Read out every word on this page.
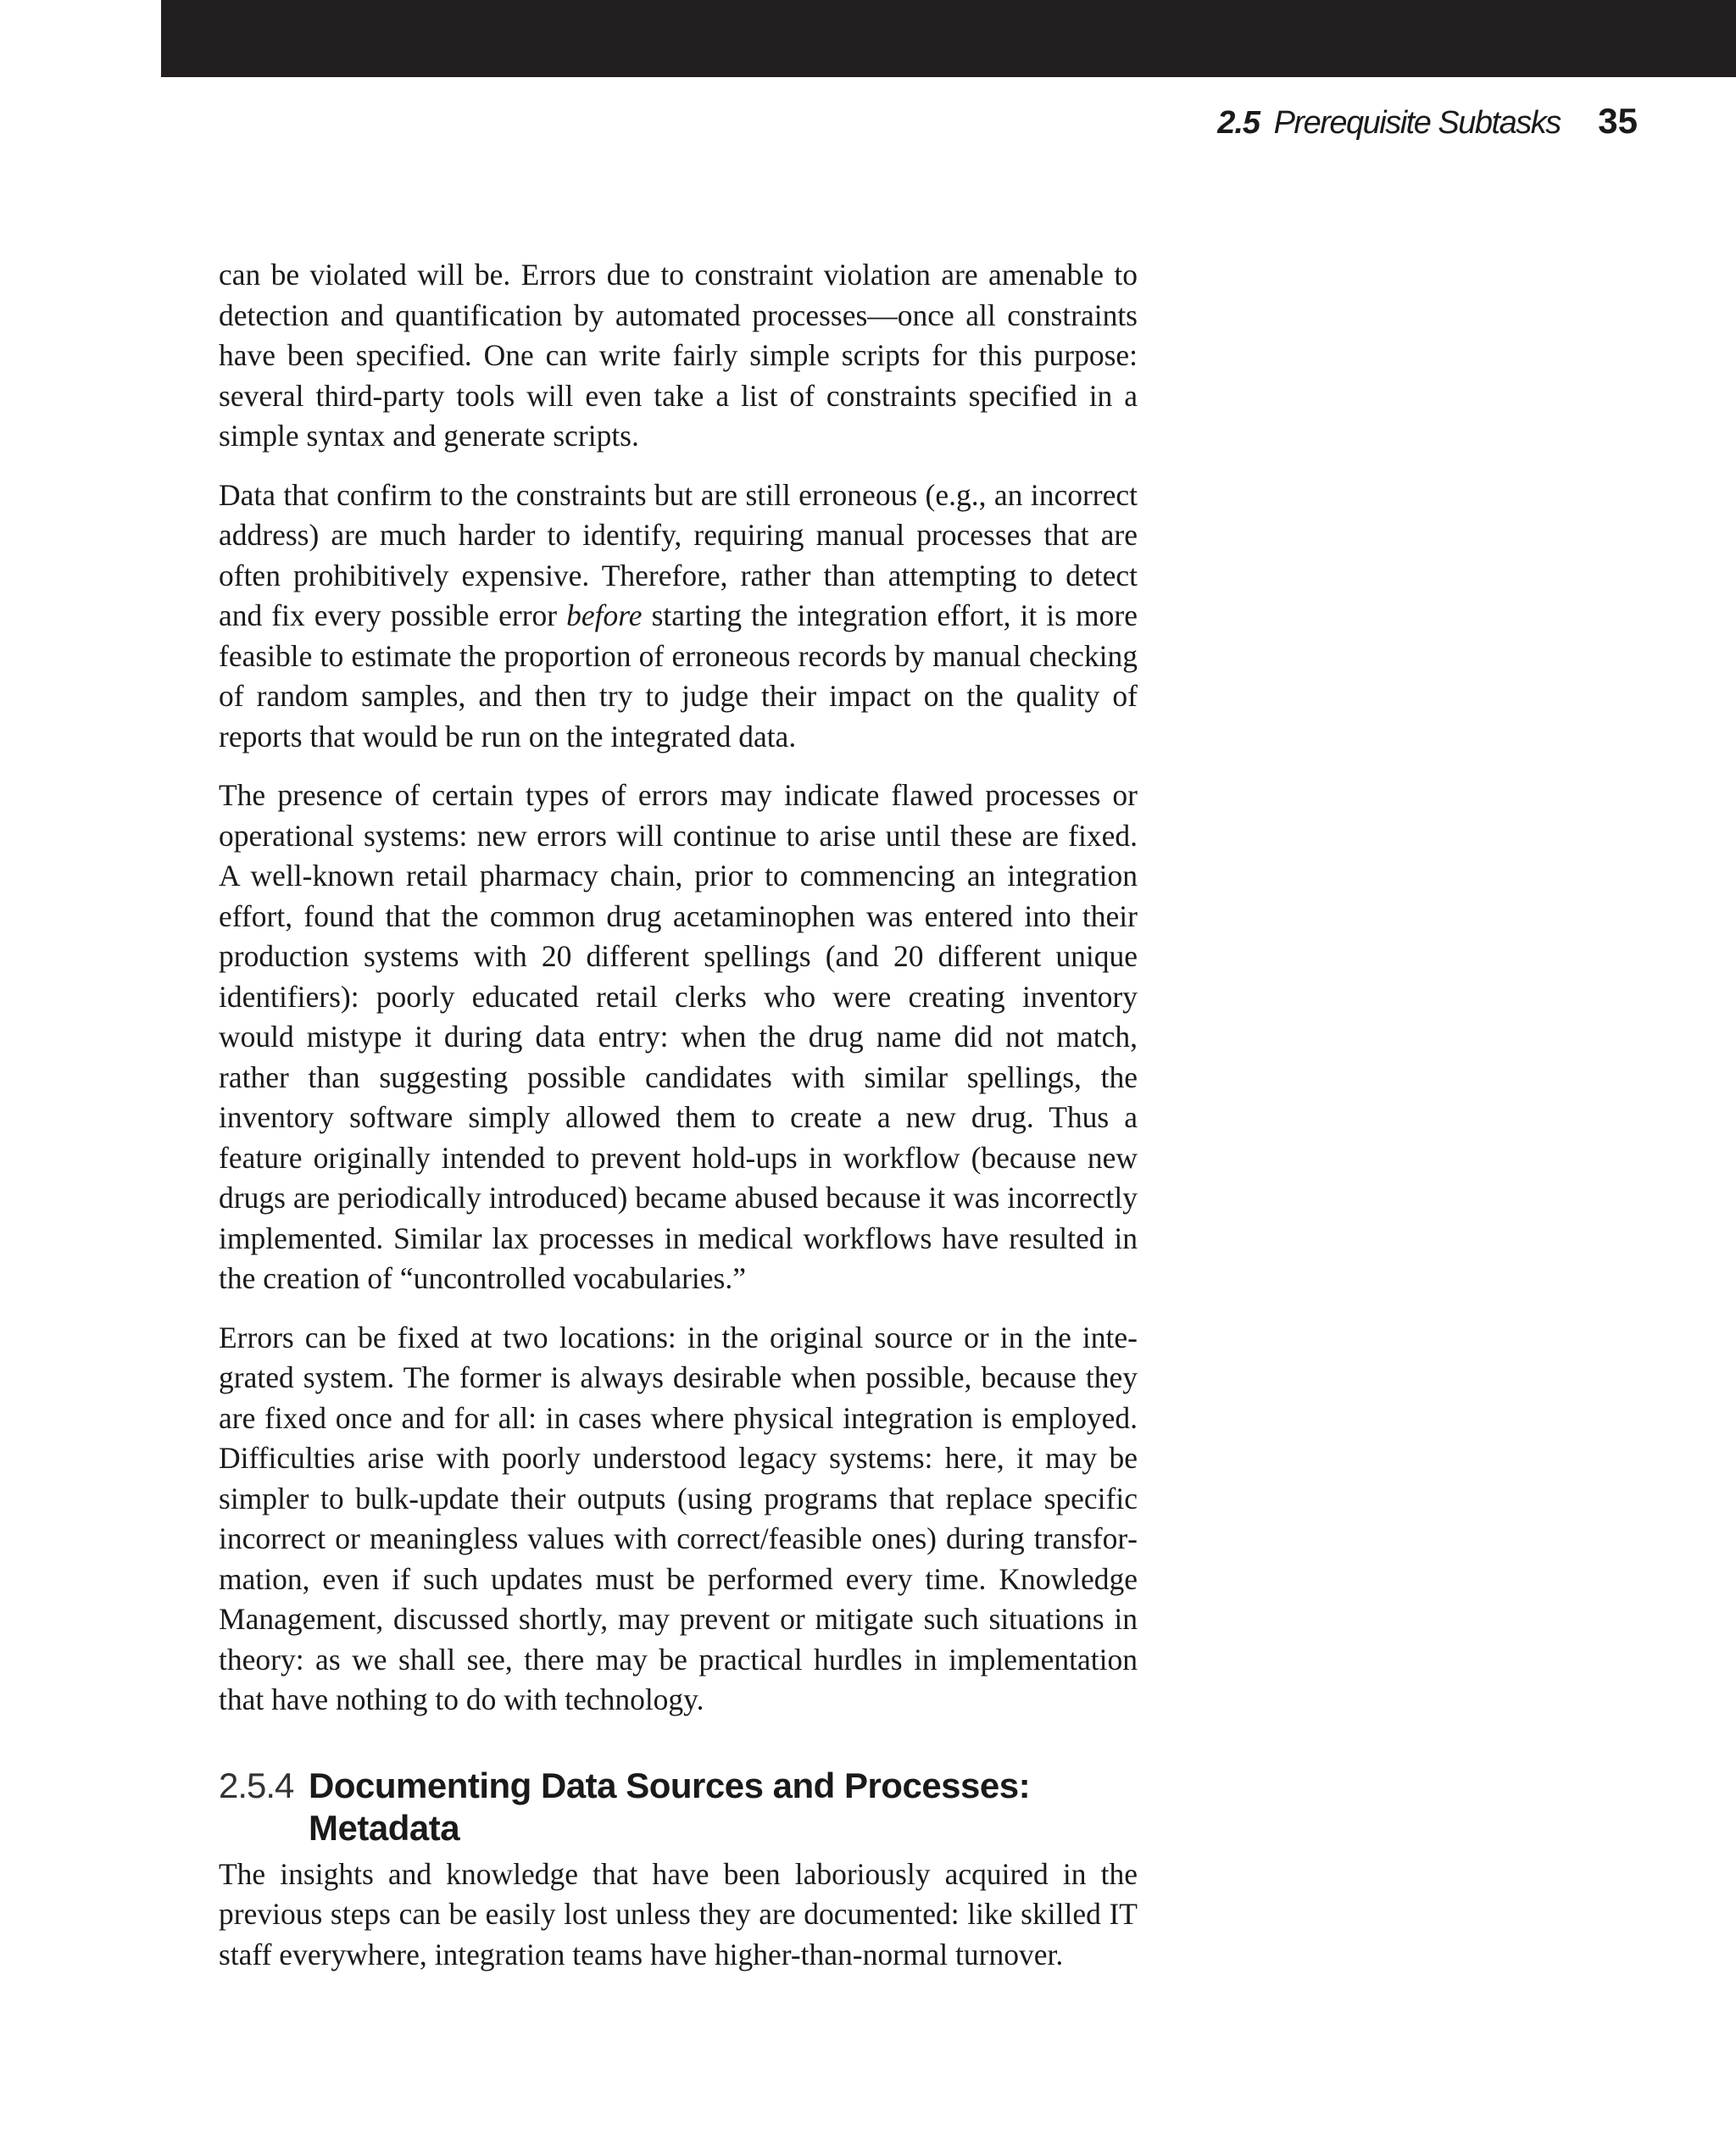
2.5 Prerequisite Subtasks 35

can be violated will be. Errors due to constraint violation are amenable to detection and quantification by automated processes—once all constraints have been specified. One can write fairly simple scripts for this purpose: several third-party tools will even take a list of constraints specified in a simple syntax and generate scripts.

Data that confirm to the constraints but are still erroneous (e.g., an incorrect address) are much harder to identify, requiring manual processes that are often prohibitively expensive. Therefore, rather than attempting to detect and fix every possible error before starting the integration effort, it is more feasible to estimate the proportion of erroneous records by manual checking of random samples, and then try to judge their impact on the quality of reports that would be run on the integrated data.

The presence of certain types of errors may indicate flawed processes or operational systems: new errors will continue to arise until these are fixed. A well-known retail pharmacy chain, prior to commencing an integration effort, found that the common drug acetaminophen was entered into their production systems with 20 different spellings (and 20 different unique identifiers): poorly educated retail clerks who were creating inventory would mistype it during data entry: when the drug name did not match, rather than suggesting possible candidates with similar spellings, the inventory software simply allowed them to create a new drug. Thus a feature originally intended to prevent hold-ups in workflow (because new drugs are periodically introduced) became abused because it was incorrectly implemented. Similar lax processes in medical workflows have resulted in the creation of “uncontrolled vocabularies.”

Errors can be fixed at two locations: in the original source or in the integrated system. The former is always desirable when possible, because they are fixed once and for all: in cases where physical integration is employed. Difficulties arise with poorly understood legacy systems: here, it may be simpler to bulk-update their outputs (using programs that replace specific incorrect or meaningless values with correct/feasible ones) during transformation, even if such updates must be performed every time. Knowledge Management, discussed shortly, may prevent or mitigate such situations in theory: as we shall see, there may be practical hurdles in implementation that have nothing to do with technology.

2.5.4 Documenting Data Sources and Processes: Metadata

The insights and knowledge that have been laboriously acquired in the previous steps can be easily lost unless they are documented: like skilled IT staff everywhere, integration teams have higher-than-normal turnover.
